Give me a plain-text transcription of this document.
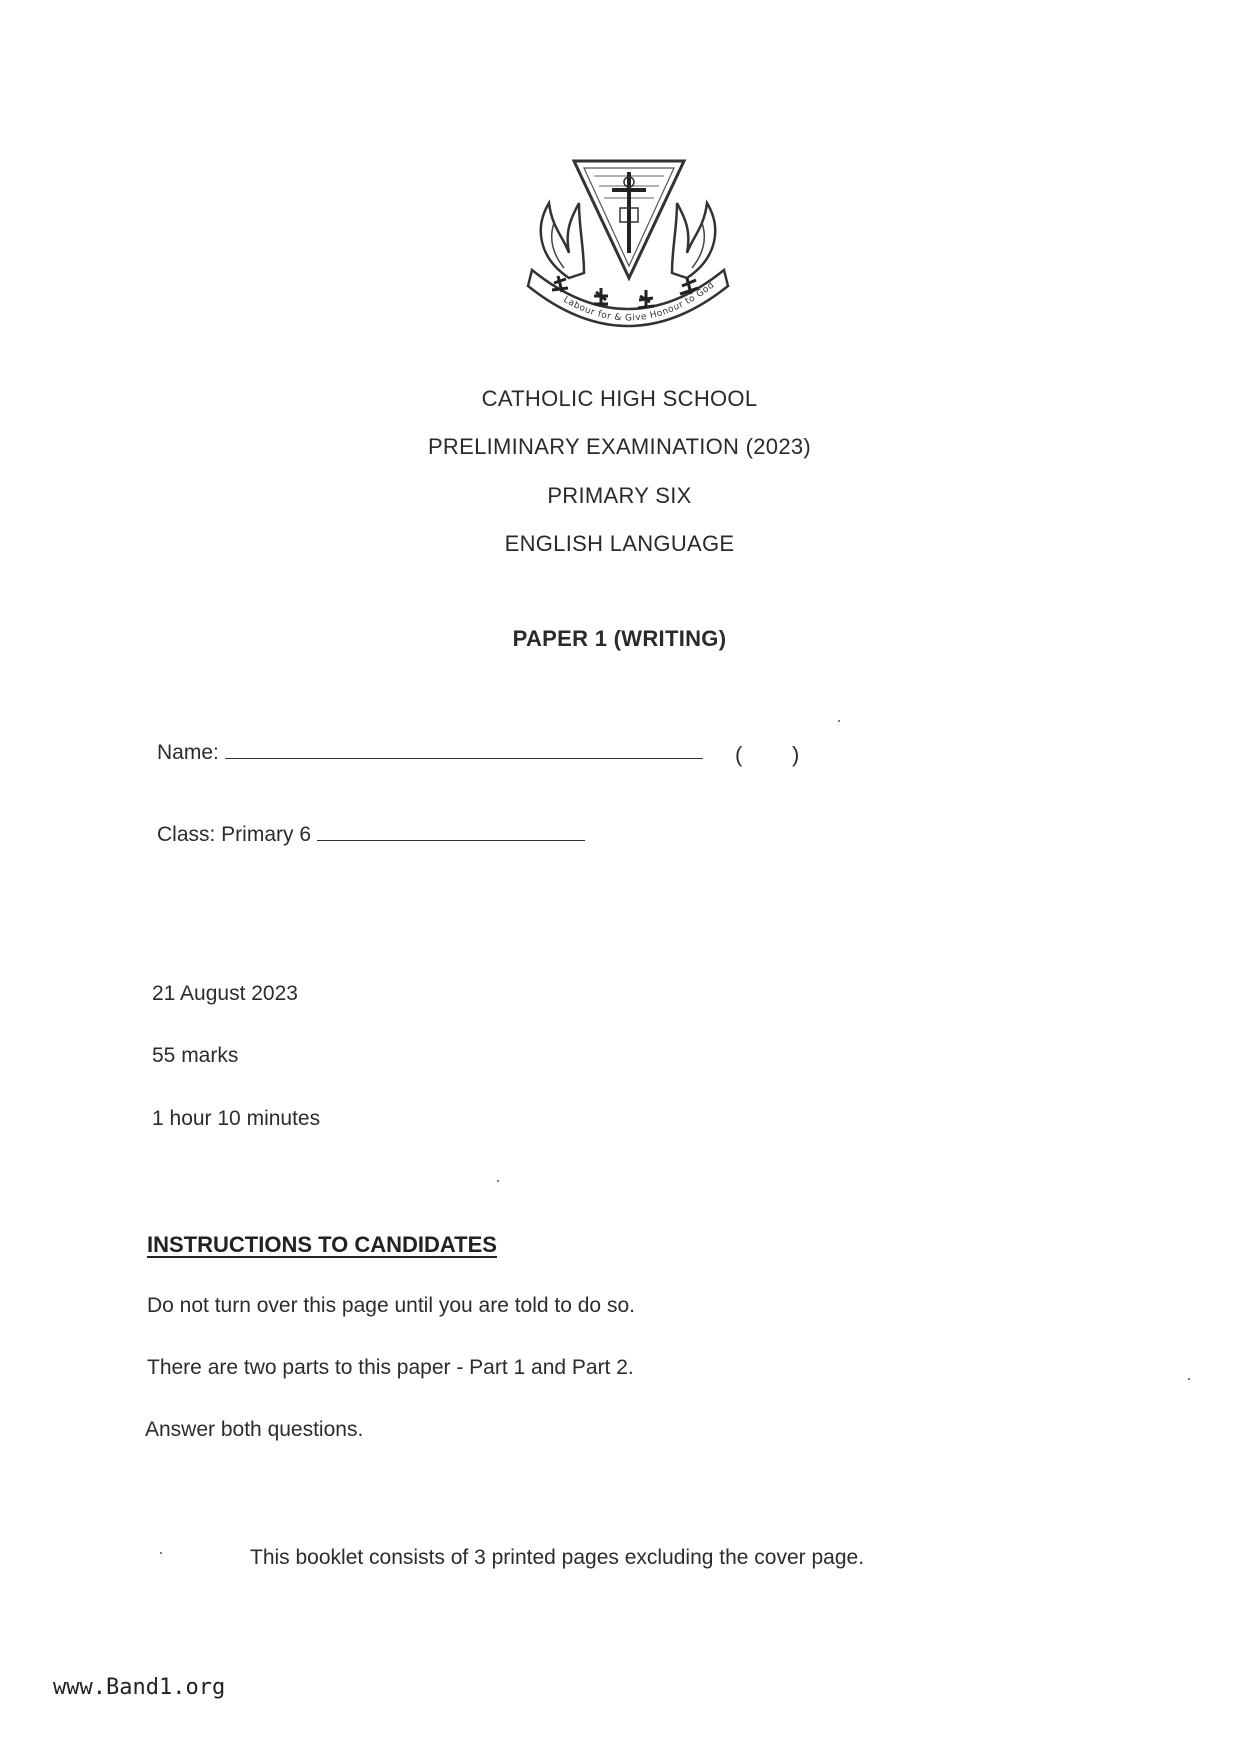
Labour for & Give Honour to God
CATHOLIC HIGH SCHOOL
PRELIMINARY EXAMINATION (2023)
PRIMARY SIX
ENGLISH LANGUAGE
PAPER 1 (WRITING)
Name:	( )
Class: Primary 6
21 August 2023
55 marks
1 hour 10 minutes
INSTRUCTIONS TO CANDIDATES
Do not turn over this page until you are told to do so.
There are two parts to this paper - Part 1 and Part 2.
Answer both questions.
This booklet consists of 3 printed pages excluding the cover page.
www.Band1.org
